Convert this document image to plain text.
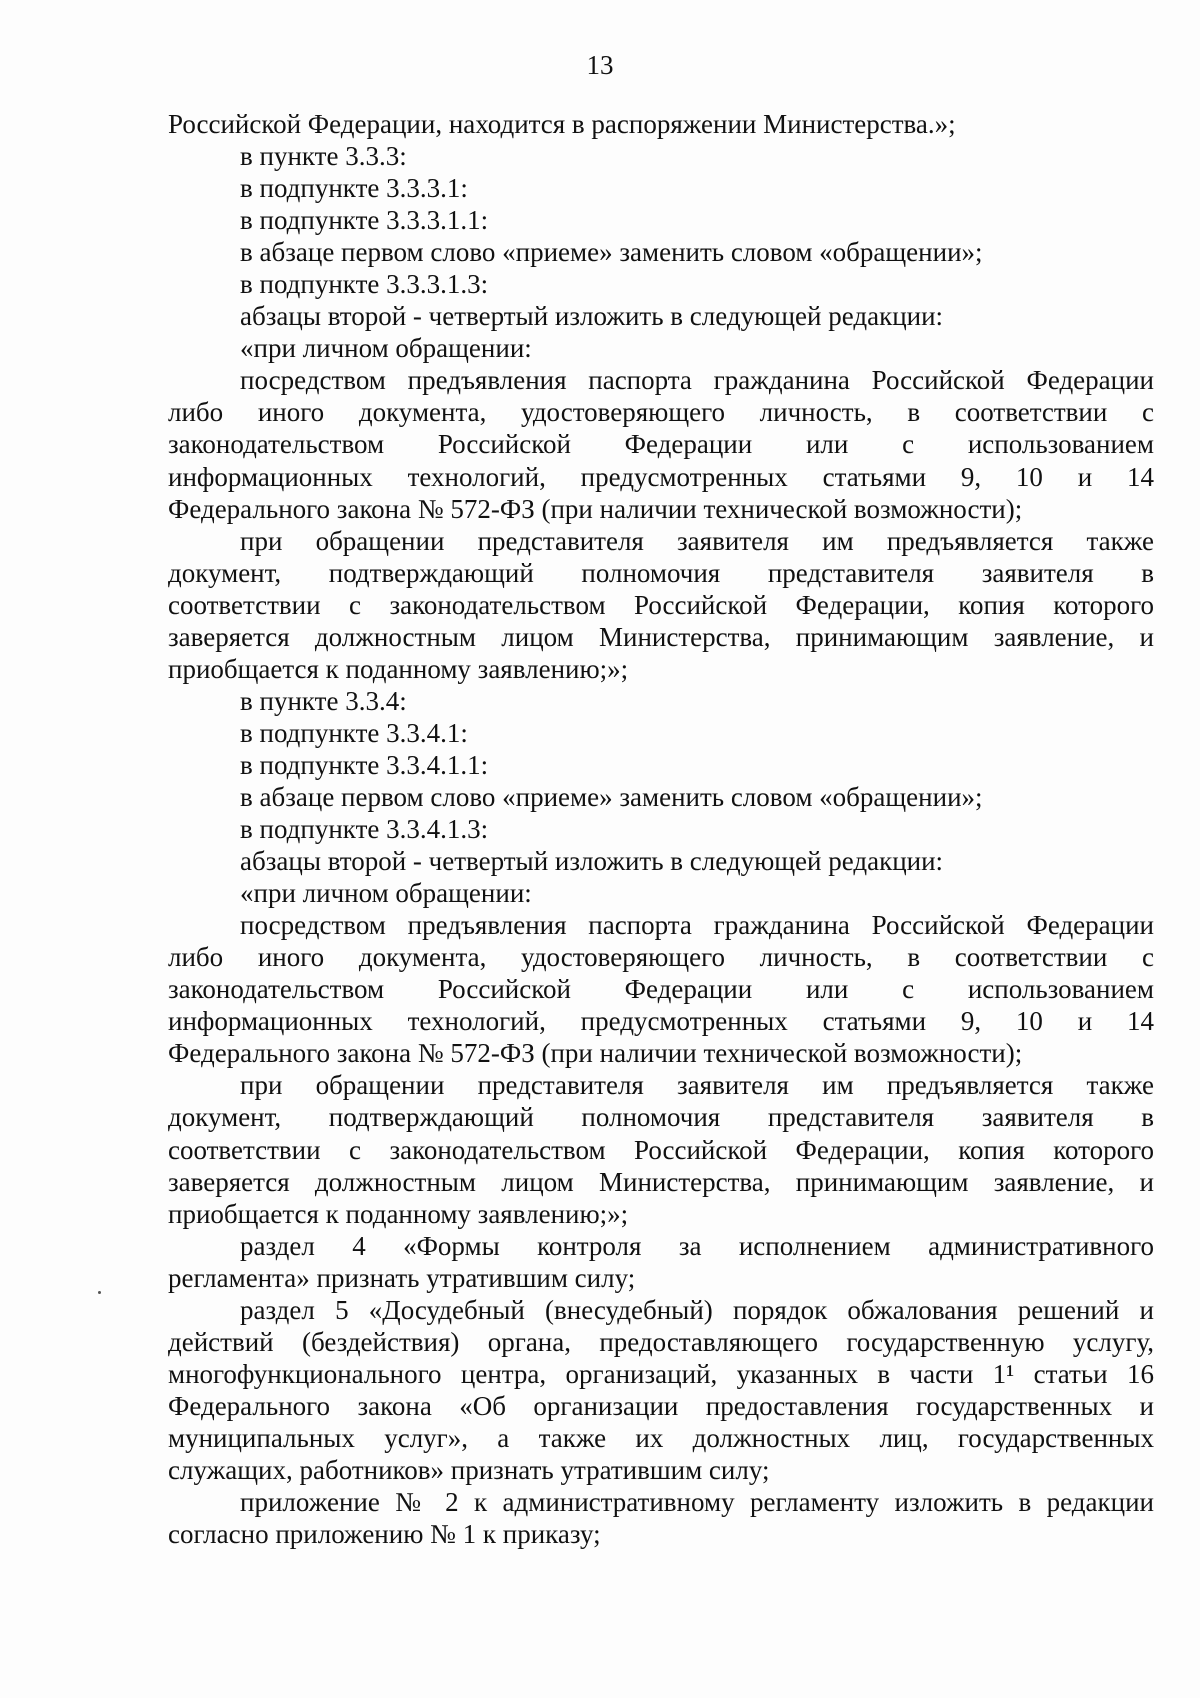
13
Российской Федерации, находится в распоряжении Министерства.»;
в пункте 3.3.3:
в подпункте 3.3.3.1:
в подпункте 3.3.3.1.1:
в абзаце первом слово «приеме» заменить словом «обращении»;
в подпункте 3.3.3.1.3:
абзацы второй - четвертый изложить в следующей редакции:
«при личном обращении:
посредством предъявления паспорта гражданина Российской Федерации
либо иного документа, удостоверяющего личность, в соответствии с
законодательством Российской Федерации или с использованием
информационных технологий, предусмотренных статьями 9, 10 и 14
Федерального закона № 572-ФЗ (при наличии технической возможности);
при обращении представителя заявителя им предъявляется также
документ, подтверждающий полномочия представителя заявителя в
соответствии с законодательством Российской Федерации, копия которого
заверяется должностным лицом Министерства, принимающим заявление, и
приобщается к поданному заявлению;»;
в пункте 3.3.4:
в подпункте 3.3.4.1:
в подпункте 3.3.4.1.1:
в абзаце первом слово «приеме» заменить словом «обращении»;
в подпункте 3.3.4.1.3:
абзацы второй - четвертый изложить в следующей редакции:
«при личном обращении:
посредством предъявления паспорта гражданина Российской Федерации
либо иного документа, удостоверяющего личность, в соответствии с
законодательством Российской Федерации или с использованием
информационных технологий, предусмотренных статьями 9, 10 и 14
Федерального закона № 572-ФЗ (при наличии технической возможности);
при обращении представителя заявителя им предъявляется также
документ, подтверждающий полномочия представителя заявителя в
соответствии с законодательством Российской Федерации, копия которого
заверяется должностным лицом Министерства, принимающим заявление, и
приобщается к поданному заявлению;»;
раздел 4 «Формы контроля за исполнением административного
регламента» признать утратившим силу;
раздел 5 «Досудебный (внесудебный) порядок обжалования решений и
действий (бездействия) органа, предоставляющего государственную услугу,
многофункционального центра, организаций, указанных в части 1¹ статьи 16
Федерального закона «Об организации предоставления государственных и
муниципальных услуг», а также их должностных лиц, государственных
служащих, работников» признать утратившим силу;
приложение № 2 к административному регламенту изложить в редакции
согласно приложению № 1 к приказу;
